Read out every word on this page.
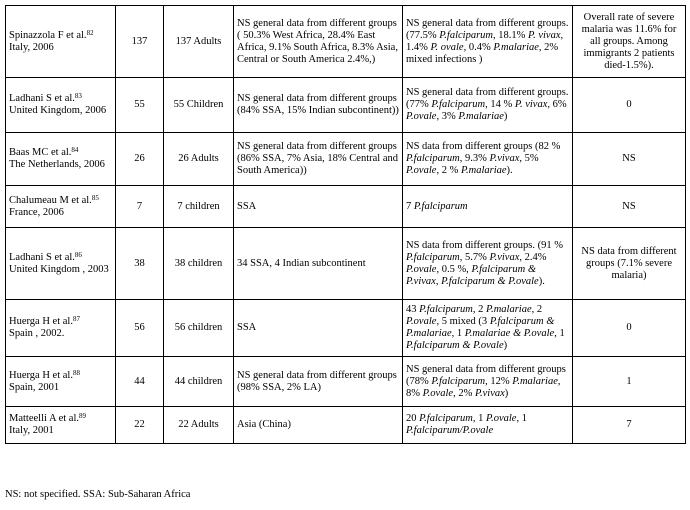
Spinazzola F et al.$^{82}$
Italy, 2006	137	137 Adults	NS general data from different groups ( 50.3% West Africa, 28.4% East Africa, 9.1% South Africa, 8.3% Asia, Central or South America 2.4%,)	NS general data from different groups. (77.5% P.falciparum, 18.1% P. vivax, 1.4% P. ovale, 0.4% P.malariae, 2% mixed infections )	Overall rate of severe malaria was 11.6% for all groups. Among immigrants 2 patients died-1.5%).
Ladhani S et al.$^{83}$
United Kingdom, 2006	55	55 Children	NS general data from different groups (84% SSA, 15% Indian subcontinent))	NS general data from different groups. (77% P.falciparum, 14 % P. vivax, 6% P.ovale, 3% P.malariae)	0
Baas MC et al.$^{84}$
The Netherlands, 2006	26	26 Adults	NS general data from different groups (86% SSA, 7% Asia, 18% Central and South America))	NS data from different groups (82 % P.falciparum, 9.3% P.vivax, 5% P.ovale, 2 % P.malariae).	NS
Chalumeau M et al.$^{85}$
France, 2006	7	7 children	SSA	7 P.falciparum	NS
Ladhani S et al.$^{86}$
United Kingdom , 2003	38	38 children	34 SSA, 4 Indian subcontinent	NS data from different groups. (91 % P.falciparum, 5.7% P.vivax, 2.4% P.ovale, 0.5 %, P.falciparum & P.vivax, P.falciparum & P.ovale).	NS data from different groups (7.1% severe malaria)
Huerga H et al.$^{87}$
Spain , 2002.	56	56 children	SSA	43 P.falciparum, 2 P.malariae, 2 P.ovale, 5 mixed (3 P.falciparum & P.malariae, 1 P.malariae & P.ovale, 1 P.falciparum & P.ovale)	0
Huerga H et al.$^{88}$
Spain, 2001	44	44 children	NS general data from different groups (98% SSA, 2% LA)	NS general data from different groups (78% P.falciparum, 12% P.malariae, 8% P.ovale, 2% P.vivax)	1
Matteelli A et al.$^{89}$
Italy, 2001	22	22 Adults	Asia (China)	20 P.falciparum, 1 P.ovale, 1 P.falciparum/P.ovale	7
NS: not specified. SSA: Sub-Saharan Africa
